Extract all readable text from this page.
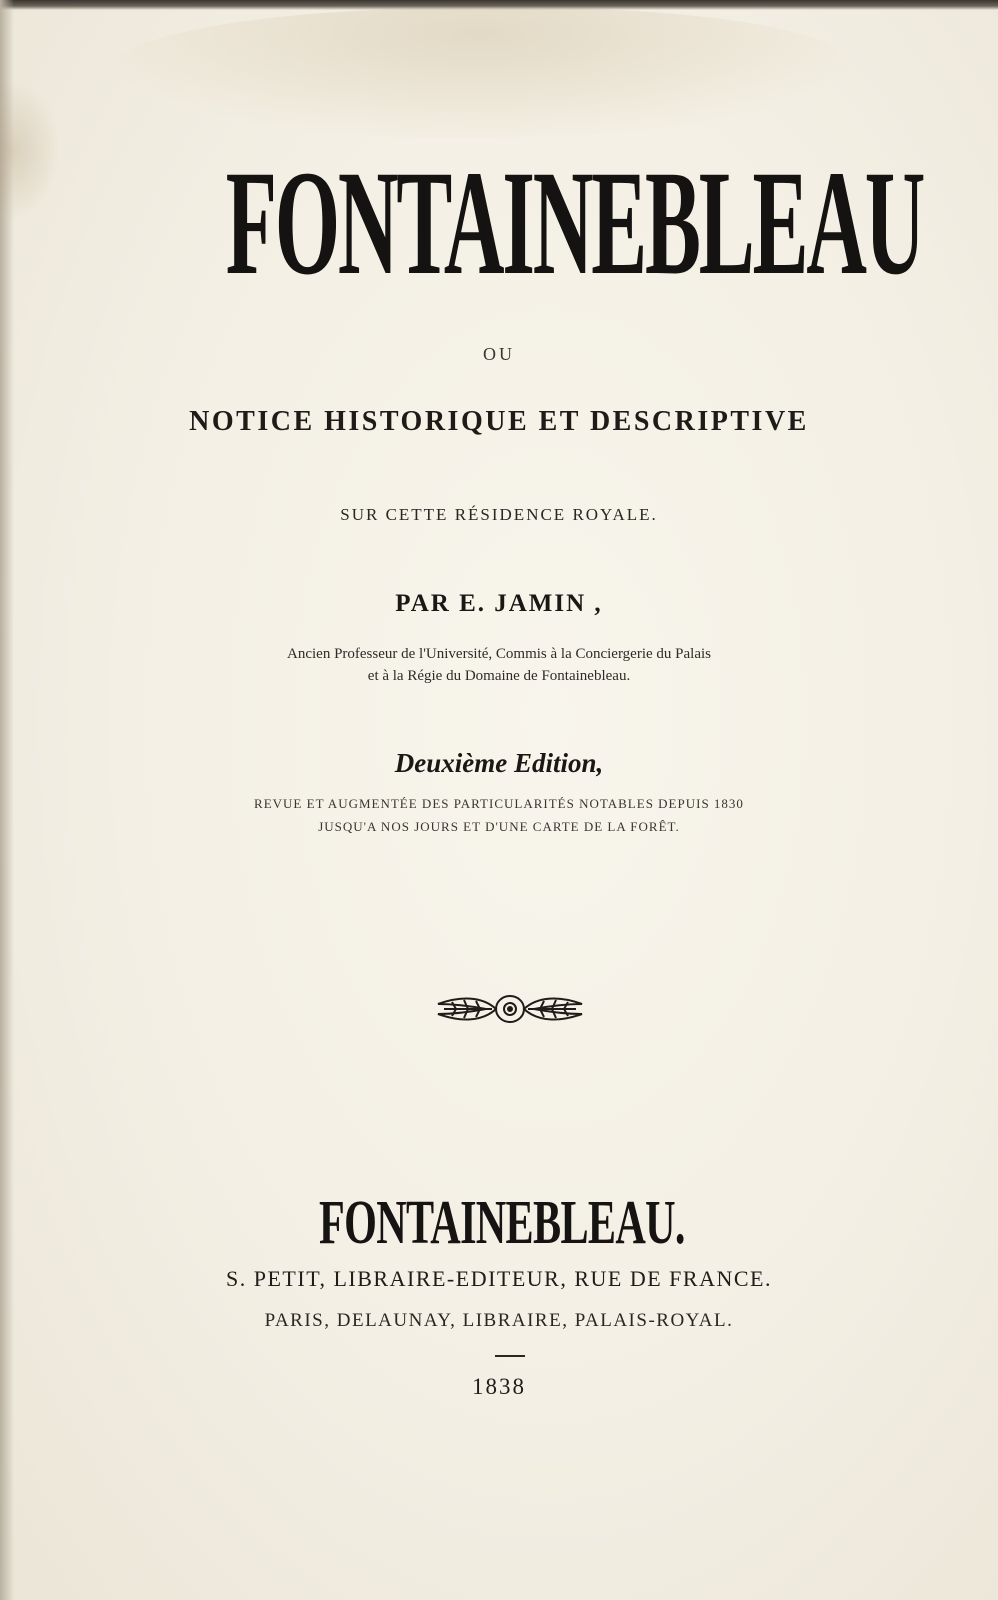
FONTAINEBLEAU
OU
NOTICE HISTORIQUE ET DESCRIPTIVE
SUR CETTE RÉSIDENCE ROYALE.
PAR E. JAMIN ,
Ancien Professeur de l'Université, Commis à la Conciergerie du Palais
et à la Régie du Domaine de Fontainebleau.
Deuxième Edition,
REVUE ET AUGMENTÉE DES PARTICULARITÉS NOTABLES DEPUIS 1830
JUSQU'A NOS JOURS ET D'UNE CARTE DE LA FORÊT.
FONTAINEBLEAU.
S. PETIT, LIBRAIRE-EDITEUR, RUE DE FRANCE.
PARIS, DELAUNAY, LIBRAIRE, PALAIS-ROYAL.
1838
